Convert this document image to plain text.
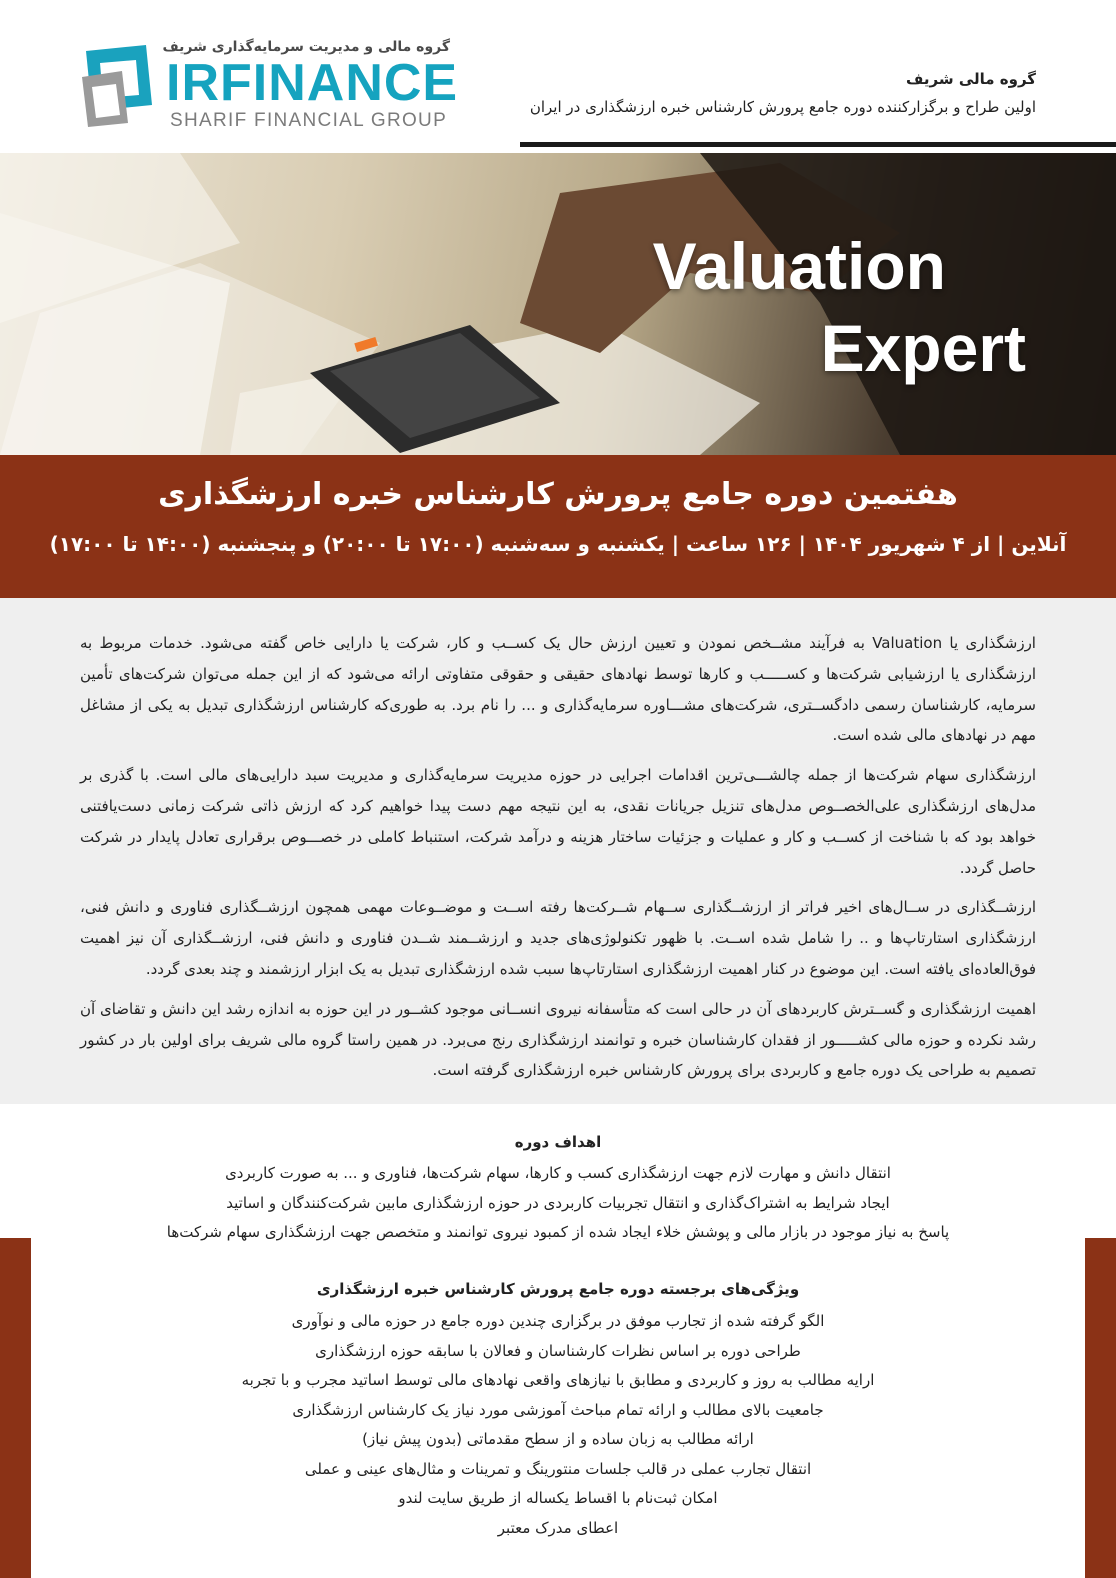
گروه مالی و مدیریت سرمایه‌گذاری شریف
IRFINANCE
SHARIF FINANCIAL GROUP
گروه مالی شریف
اولین طراح و برگزارکننده دوره جامع پرورش کارشناس خبره ارزشگذاری در ایران
Valuation
Expert
هفتمین دوره جامع پرورش کارشناس خبره ارزشگذاری
آنلاین | از ۴ شهریور ۱۴۰۴ | ۱۲۶ ساعت | یکشنبه و سه‌شنبه (۱۷:۰۰ تا ۲۰:۰۰) و پنجشنبه (۱۴:۰۰ تا ۱۷:۰۰)

ارزشگذاری یا Valuation به فرآیند مشــخص نمودن و تعیین ارزش حال یک کســب و کار، شرکت یا دارایی خاص گفته می‌شود. خدمات مربوط به ارزشگذاری یا ارزشیابی شرکت‌ها و کســـــب و کارها توسط نهادهای حقیقی و حقوقی متفاوتی ارائه می‌شود که از این جمله می‌توان شرکت‌های تأمین سرمایه، کارشناسان رسمی دادگســتری، شرکت‌های مشـــاوره سرمایه‌گذاری و ... را نام برد. به طوری‌که کارشناس ارزشگذاری تبدیل به یکی از مشاغل مهم در نهادهای مالی شده است.

ارزشگذاری سهام شرکت‌ها از جمله چالشـــی‌ترین اقدامات اجرایی در حوزه مدیریت سرمایه‌گذاری و مدیریت سبد دارایی‌های مالی است. با گذری بر مدل‌های ارزشگذاری علی‌الخصــوص مدل‌های تنزیل جریانات نقدی، به این نتیجه مهم دست پیدا خواهیم کرد که ارزش ذاتی شرکت زمانی دست‌یافتنی خواهد بود که با شناخت از کســب و کار و عملیات و جزئیات ساختار هزینه و درآمد شرکت، استنباط کاملی در خصـــوص برقراری تعادل پایدار در شرکت حاصل گردد.

ارزشــگذاری در ســال‌های اخیر فراتر از ارزشــگذاری ســهام شــرکت‌ها رفته اســت و موضــوعات مهمی همچون ارزشــگذاری فناوری و دانش فنی، ارزشگذاری استارتاپ‌ها و .. را شامل شده اســت. با ظهور تکنولوژی‌های جدید و ارزشــمند شــدن فناوری و دانش فنی، ارزشــگذاری آن نیز اهمیت فوق‌العاده‌ای یافته است. این موضوع در کنار اهمیت ارزشگذاری استارتاپ‌ها سبب شده ارزشگذاری تبدیل به یک ابزار ارزشمند و چند بعدی گردد.

اهمیت ارزشگذاری و گســترش کاربردهای آن در حالی است که متأسفانه نیروی انســانی موجود کشــور در این حوزه به اندازه رشد این دانش و تقاضای آن رشد نکرده و حوزه مالی کشـــــور از فقدان کارشناسان خبره و توانمند ارزشگذاری رنج می‌برد. در همین راستا گروه مالی شریف برای اولین بار در کشور تصمیم به طراحی یک دوره جامع و کاربردی برای پرورش کارشناس خبره ارزشگذاری گرفته است.

اهداف دوره
انتقال دانش و مهارت لازم جهت ارزشگذاری کسب و کارها، سهام شرکت‌ها، فناوری و ... به صورت کاربردی
ایجاد شرایط به اشتراک‌گذاری و انتقال تجربیات کاربردی در حوزه ارزشگذاری مابین شرکت‌کنندگان و اساتید
پاسخ به نیاز موجود در بازار مالی و پوشش خلاء ایجاد شده از کمبود نیروی توانمند و متخصص جهت ارزشگذاری سهام شرکت‌ها
ویژگی‌های برجسته دوره جامع پرورش کارشناس خبره ارزشگذاری
الگو گرفته شده از تجارب موفق در برگزاری چندین دوره جامع در حوزه مالی و نوآوری
طراحی دوره بر اساس نظرات کارشناسان و فعالان با سابقه حوزه ارزشگذاری
ارایه مطالب به روز و کاربردی و مطابق با نیازهای واقعی نهادهای مالی توسط اساتید مجرب و با تجربه
جامعیت بالای مطالب و ارائه تمام مباحث آموزشی مورد نیاز یک کارشناس ارزشگذاری
ارائه مطالب به زبان ساده و از سطح مقدماتی (بدون پیش نیاز)
انتقال تجارب عملی در قالب جلسات منتورینگ و تمرینات و مثال‌های عینی و عملی
امکان ثبت‌نام با اقساط یکساله از طریق سایت لندو
اعطای مدرک معتبر
